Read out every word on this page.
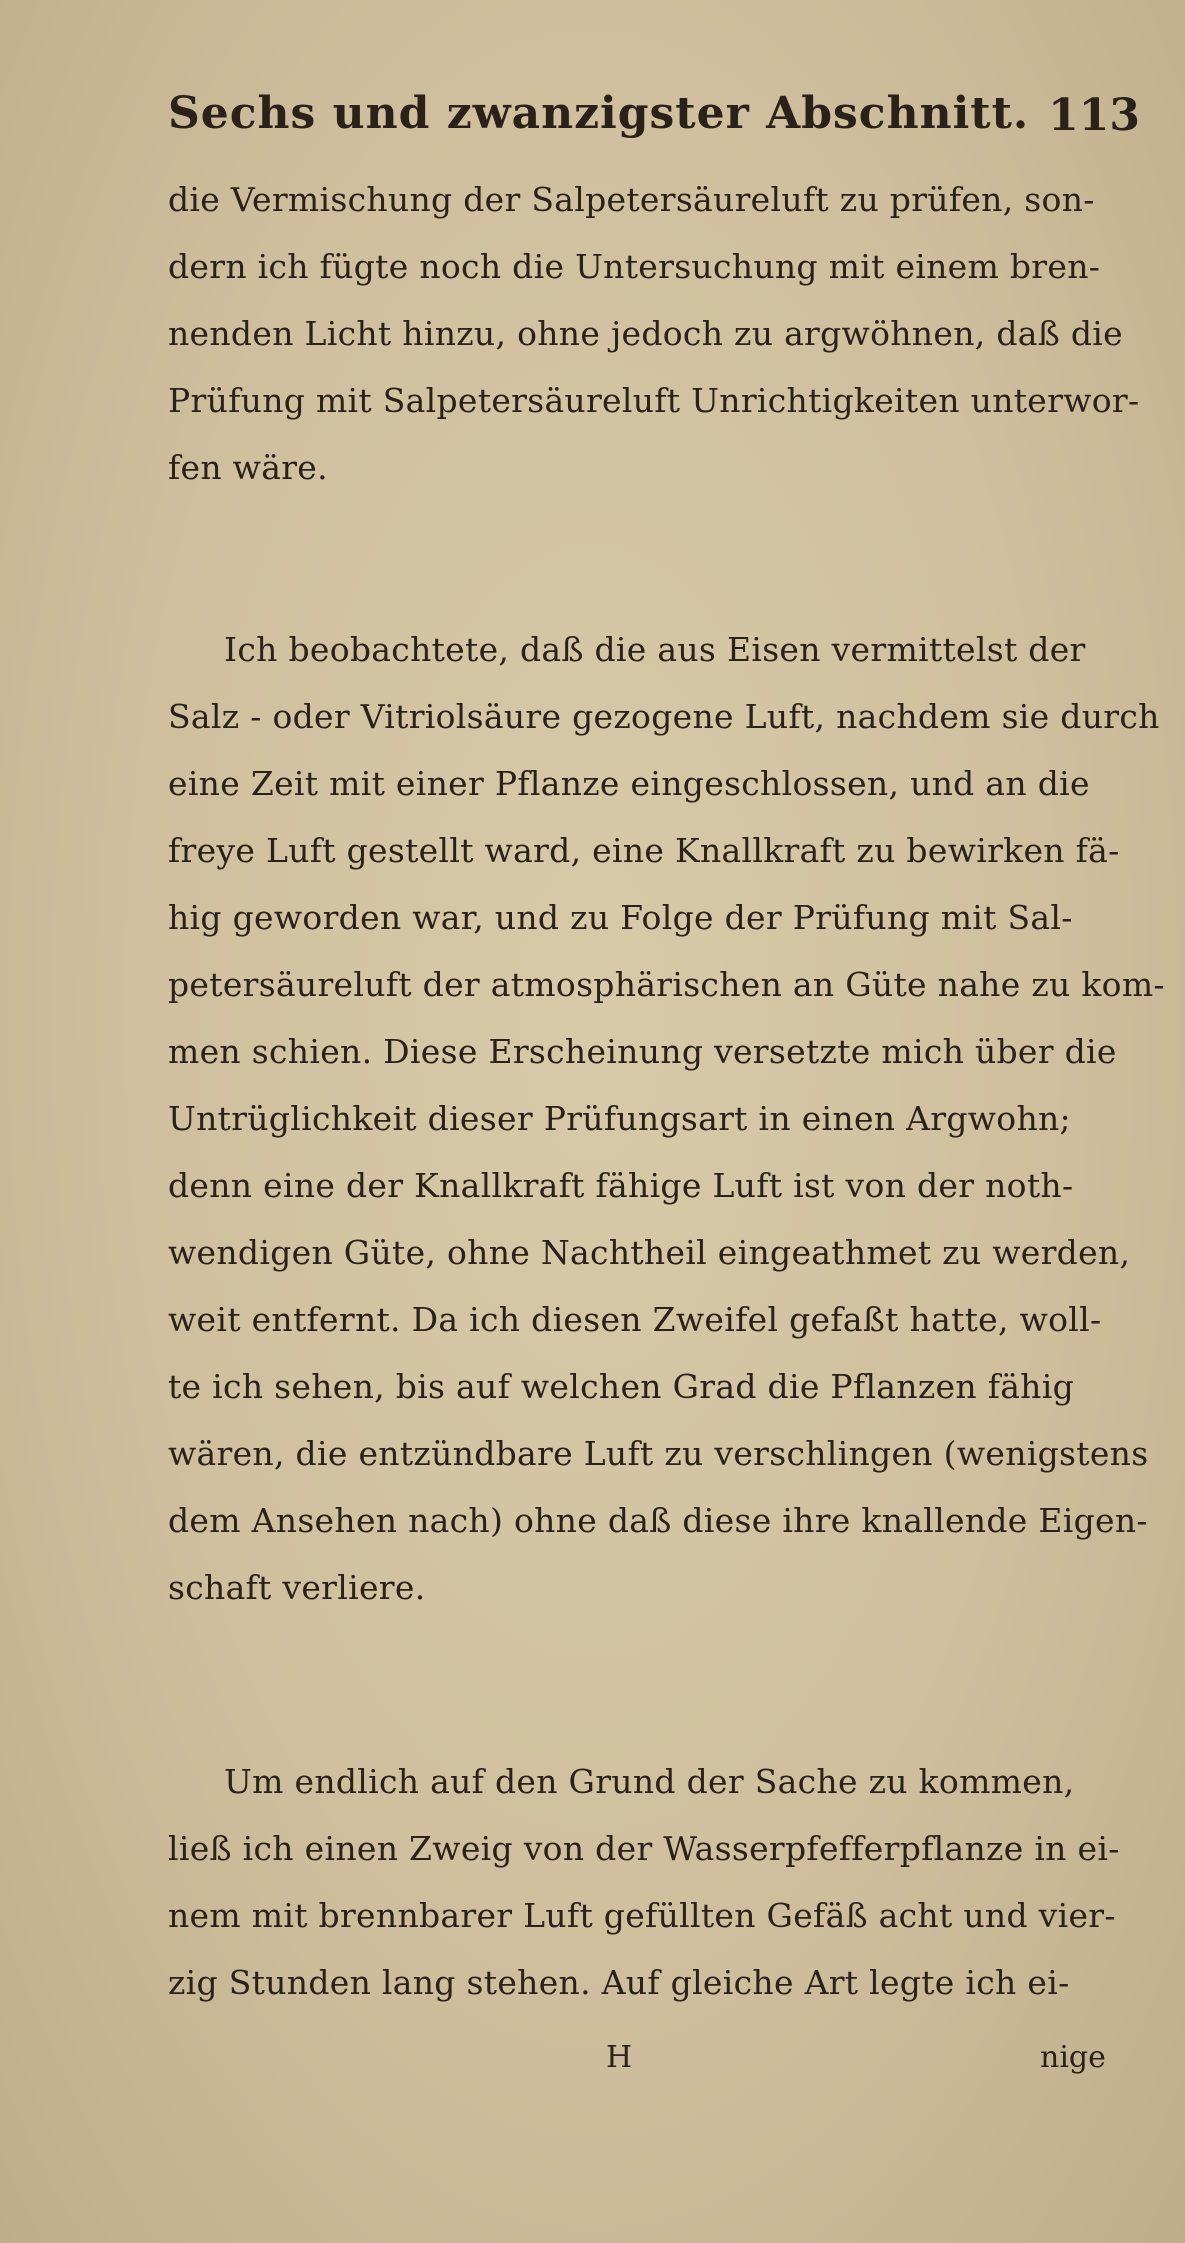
Sechs und zwanzigster Abschnitt. 113
die Vermischung der Salpetersäureluft zu prüfen, son-
dern ich fügte noch die Untersuchung mit einem bren-
nenden Licht hinzu, ohne jedoch zu argwöhnen, daß die
Prüfung mit Salpetersäureluft Unrichtigkeiten unterwor-
fen wäre.
Ich beobachtete, daß die aus Eisen vermittelst der
Salz - oder Vitriolsäure gezogene Luft, nachdem sie durch
eine Zeit mit einer Pflanze eingeschlossen, und an die
freye Luft gestellt ward, eine Knallkraft zu bewirken fä-
hig geworden war, und zu Folge der Prüfung mit Sal-
petersäureluft der atmosphärischen an Güte nahe zu kom-
men schien. Diese Erscheinung versetzte mich über die
Untrüglichkeit dieser Prüfungsart in einen Argwohn;
denn eine der Knallkraft fähige Luft ist von der noth-
wendigen Güte, ohne Nachtheil eingeathmet zu werden,
weit entfernt. Da ich diesen Zweifel gefaßt hatte, woll-
te ich sehen, bis auf welchen Grad die Pflanzen fähig
wären, die entzündbare Luft zu verschlingen (wenigstens
dem Ansehen nach) ohne daß diese ihre knallende Eigen-
schaft verliere.
Um endlich auf den Grund der Sache zu kommen,
ließ ich einen Zweig von der Wasserpfefferpflanze in ei-
nem mit brennbarer Luft gefüllten Gefäß acht und vier-
zig Stunden lang stehen. Auf gleiche Art legte ich ei-
H	nige
